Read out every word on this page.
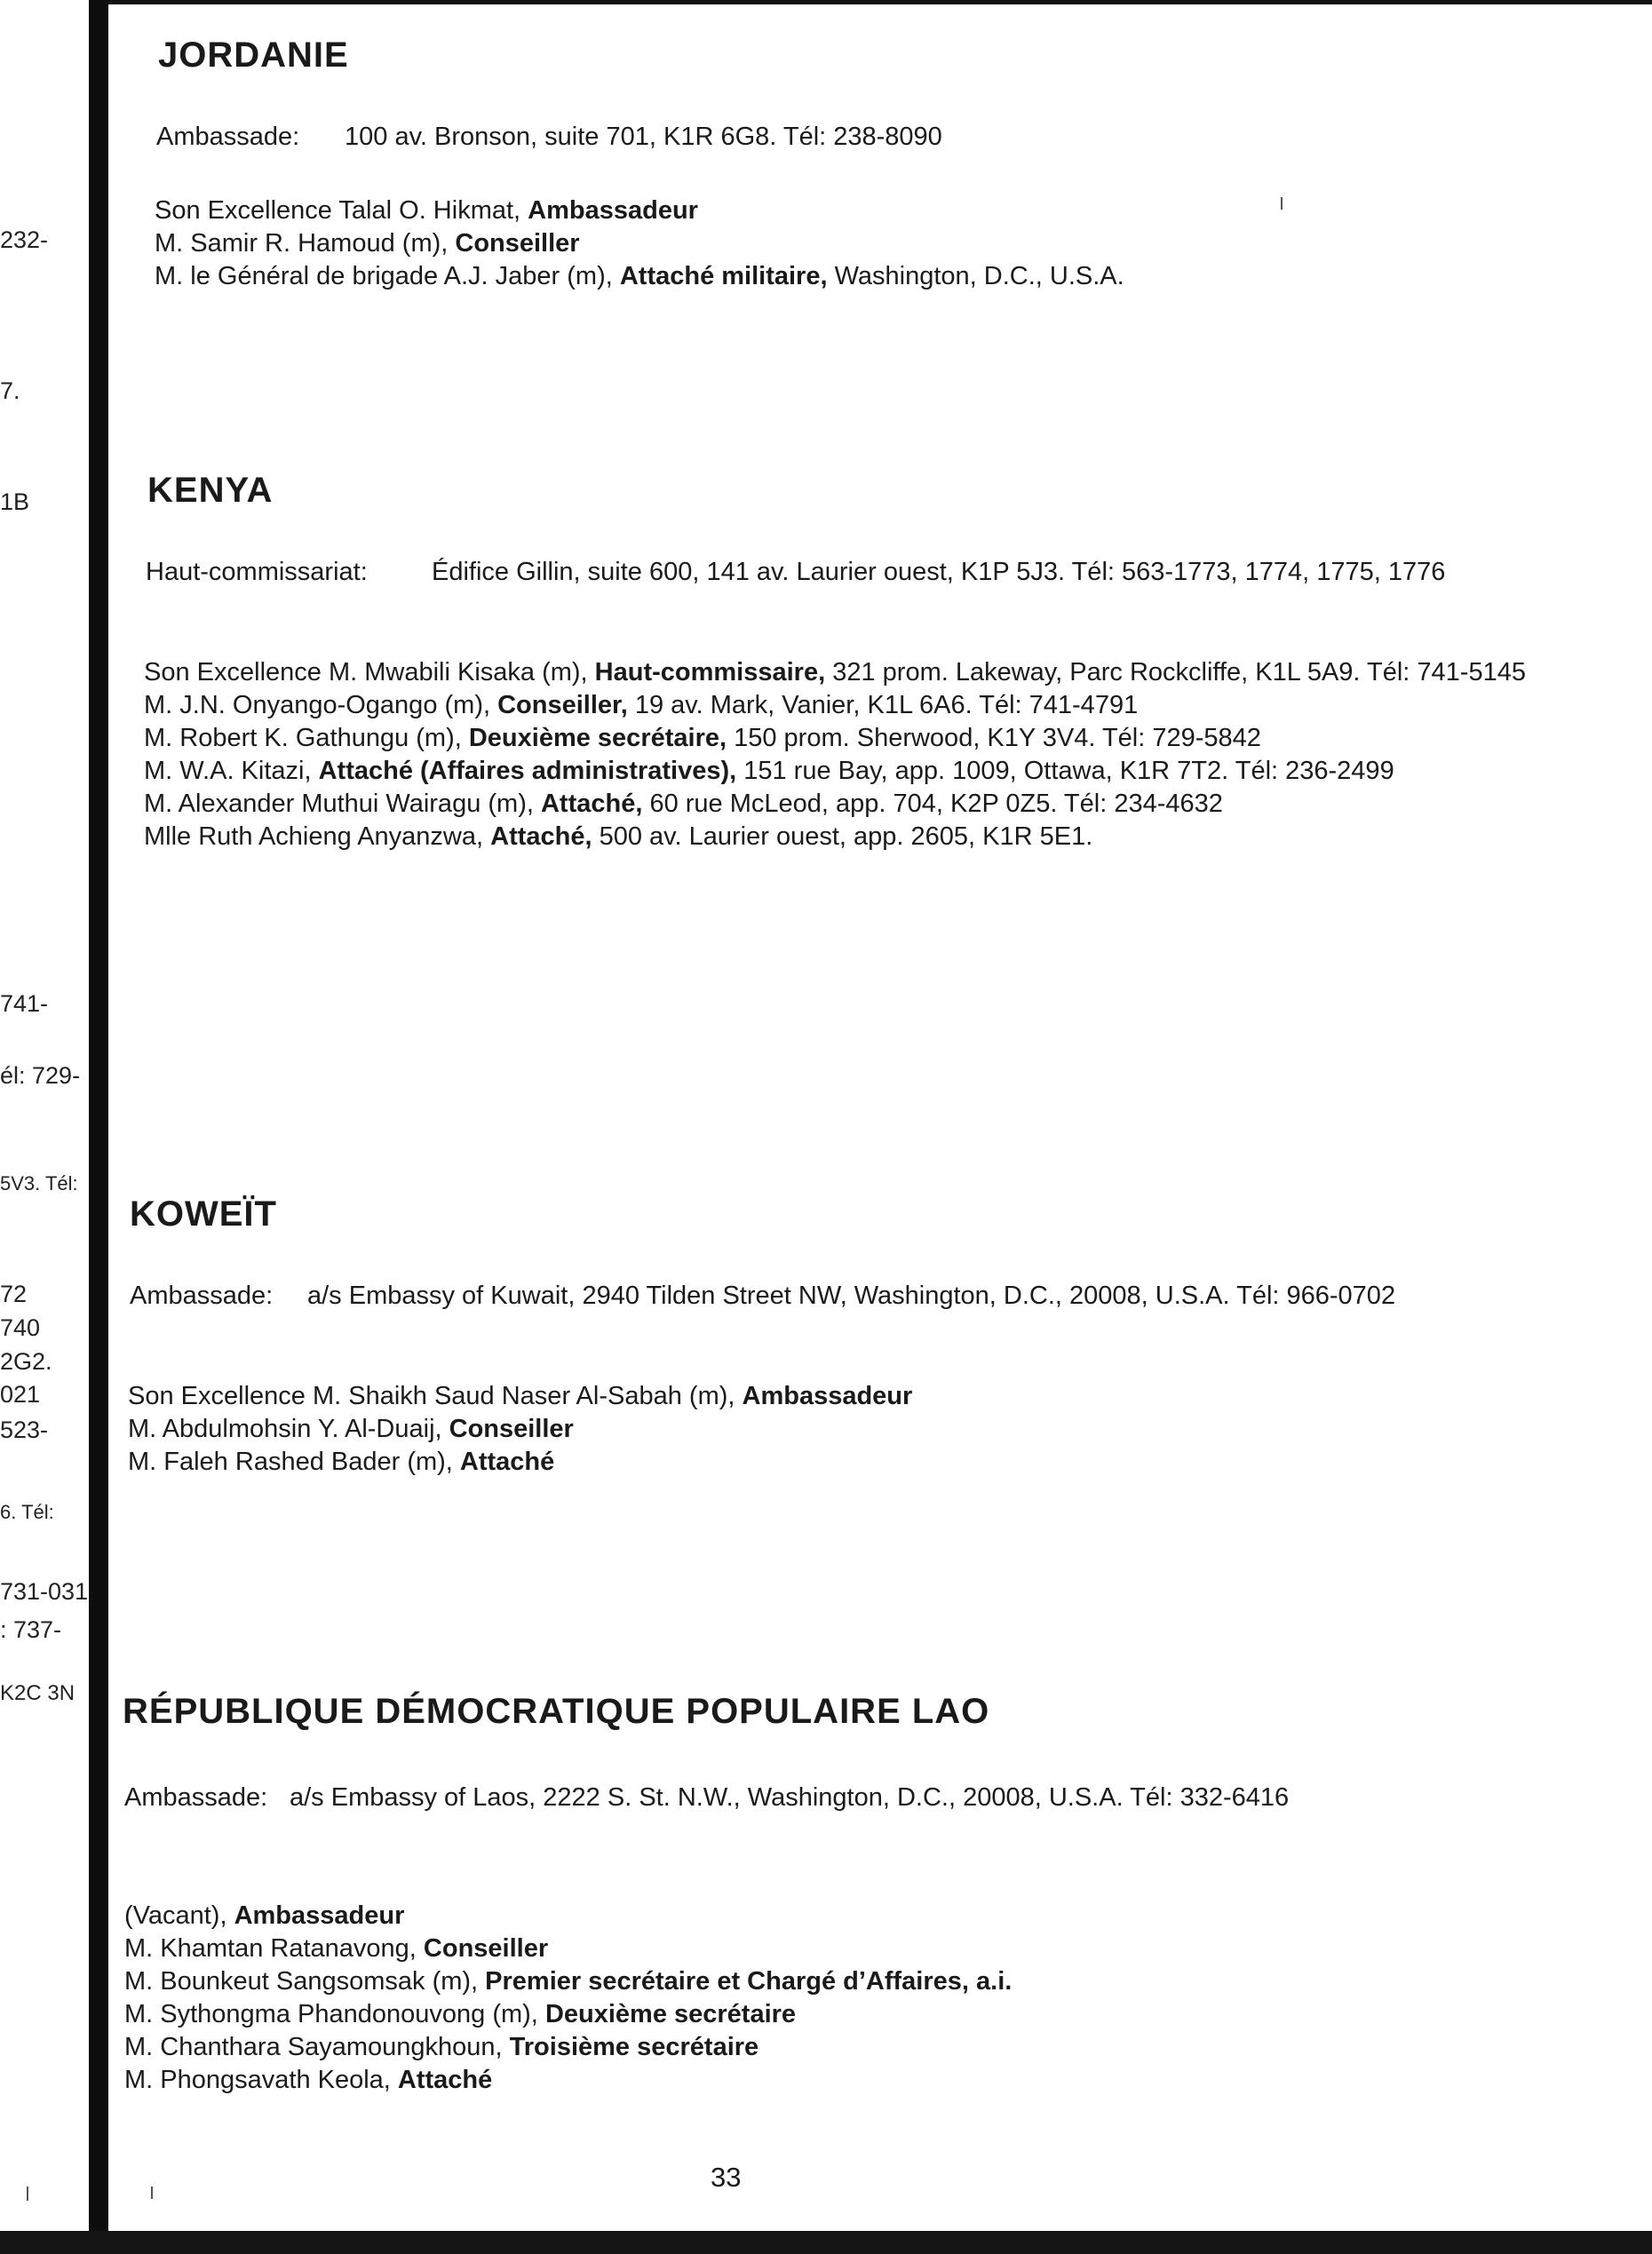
232-
7.
1B
741-
él: 729-
5V3. Tél:
72
740
2G2.
021
523-
6. Tél:
731-031
: 737-
K2C 3N
JORDANIE
Ambassade: 100 av. Bronson, suite 701, K1R 6G8. Tél: 238-8090
Son Excellence Talal O. Hikmat, Ambassadeur
M. Samir R. Hamoud (m), Conseiller
M. le Général de brigade A.J. Jaber (m), Attaché militaire, Washington, D.C., U.S.A.
KENYA
Haut-commissariat: Édifice Gillin, suite 600, 141 av. Laurier ouest, K1P 5J3. Tél: 563-1773, 1774, 1775, 1776
Son Excellence M. Mwabili Kisaka (m), Haut-commissaire, 321 prom. Lakeway, Parc Rockcliffe, K1L 5A9. Tél: 741-5145
M. J.N. Onyango-Ogango (m), Conseiller, 19 av. Mark, Vanier, K1L 6A6. Tél: 741-4791
M. Robert K. Gathungu (m), Deuxième secrétaire, 150 prom. Sherwood, K1Y 3V4. Tél: 729-5842
M. W.A. Kitazi, Attaché (Affaires administratives), 151 rue Bay, app. 1009, Ottawa, K1R 7T2. Tél: 236-2499
M. Alexander Muthui Wairagu (m), Attaché, 60 rue McLeod, app. 704, K2P 0Z5. Tél: 234-4632
Mlle Ruth Achieng Anyanzwa, Attaché, 500 av. Laurier ouest, app. 2605, K1R 5E1.
KOWEÏT
Ambassade: a/s Embassy of Kuwait, 2940 Tilden Street NW, Washington, D.C., 20008, U.S.A. Tél: 966-0702
Son Excellence M. Shaikh Saud Naser Al-Sabah (m), Ambassadeur
M. Abdulmohsin Y. Al-Duaij, Conseiller
M. Faleh Rashed Bader (m), Attaché
RÉPUBLIQUE DÉMOCRATIQUE POPULAIRE LAO
Ambassade: a/s Embassy of Laos, 2222 S. St. N.W., Washington, D.C., 20008, U.S.A. Tél: 332-6416
(Vacant), Ambassadeur
M. Khamtan Ratanavong, Conseiller
M. Bounkeut Sangsomsak (m), Premier secrétaire et Chargé d’Affaires, a.i.
M. Sythongma Phandonouvong (m), Deuxième secrétaire
M. Chanthara Sayamoungkhoun, Troisième secrétaire
M. Phongsavath Keola, Attaché
33
